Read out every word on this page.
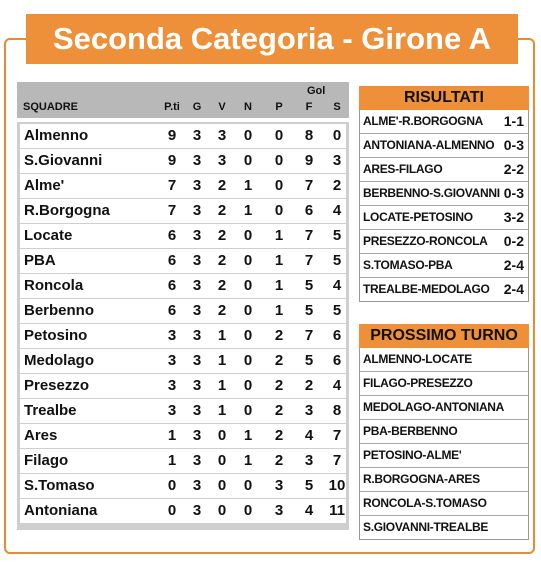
Seconda Categoria - Girone A
SQUADRE	P.ti G V N P
Gol
F S
Almenno	9 3 3 0 0 8 0
S.Giovanni	9 3 3 0 0 9 3
Alme'	7 3 2 1 0 7 2
R.Borgogna	7 3 2 1 0 6 4
Locate	6 3 2 0 1 7 5
PBA	6 3 2 0 1 7 5
Roncola	6 3 2 0 1 5 4
Berbenno	6 3 2 0 1 5 5
Petosino	3 3 1 0 2 7 6
Medolago	3 3 1 0 2 5 6
Presezzo	3 3 1 0 2 2 4
Trealbe	3 3 1 0 2 3 8
Ares	1 3 0 1 2 4 7
Filago	1 3 0 1 2 3 7
S.Tomaso	0 3 0 0 3 5 10
Antoniana	0 3 0 0 3 4 11
RISULTATI
ALME'-R.BORGOGNA 1-1
ANTONIANA-ALMENNO 0-3
ARES-FILAGO	2-2
BERBENNO-S.GIOVANNI 0-3
LOCATE-PETOSINO 3-2
PRESEZZO-RONCOLA 0-2
S.TOMASO-PBA	2-4
TREALBE-MEDOLAGO 2-4
PROSSIMO TURNO
ALMENNO-LOCATE
FILAGO-PRESEZZO
MEDOLAGO-ANTONIANA
PBA-BERBENNO
PETOSINO-ALME'
R.BORGOGNA-ARES
RONCOLA-S.TOMASO
S.GIOVANNI-TREALBE
